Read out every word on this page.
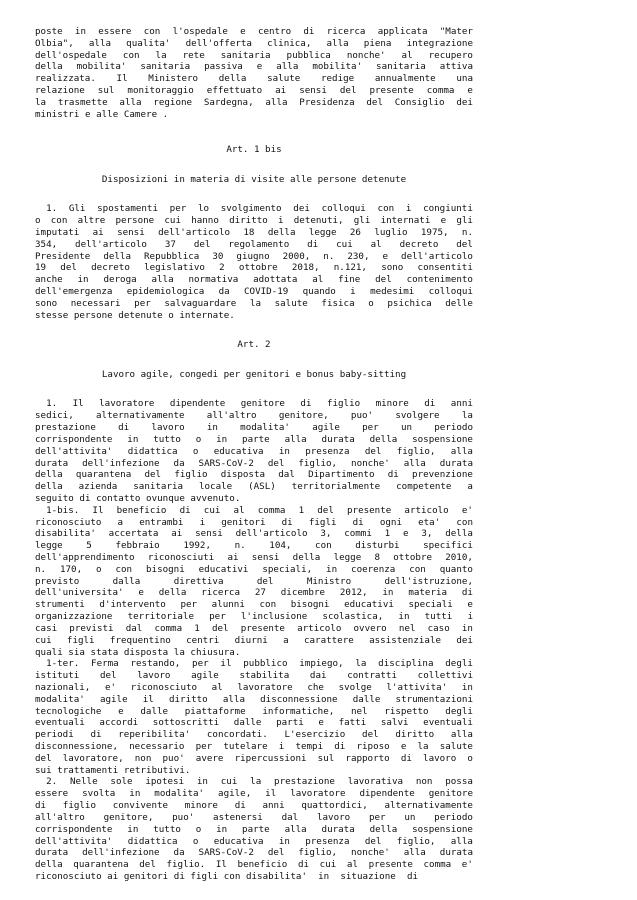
poste in essere con l'ospedale e centro di ricerca applicata "Mater
Olbia", alla qualita' dell'offerta clinica, alla piena integrazione
dell'ospedale con la rete sanitaria pubblica nonche' al recupero
della mobilita' sanitaria passiva e alla mobilita' sanitaria attiva
realizzata. Il Ministero della salute redige annualmente una
relazione sul monitoraggio effettuato ai sensi del presente comma e
la trasmette alla regione Sardegna, alla Presidenza del Consiglio dei
ministri e alle Camere .
Art. 1 bis
Disposizioni in materia di visite alle persone detenute
1. Gli spostamenti per lo svolgimento dei colloqui con i congiunti
o con altre persone cui hanno diritto i detenuti, gli internati e gli
imputati ai sensi dell'articolo 18 della legge 26 luglio 1975, n.
354, dell'articolo 37 del regolamento di cui al decreto del
Presidente della Repubblica 30 giugno 2000, n. 230, e dell'articolo
19 del decreto legislativo 2 ottobre 2018, n.121, sono consentiti
anche in deroga alla normativa adottata al fine del contenimento
dell'emergenza epidemiologica da COVID-19 quando i medesimi colloqui
sono necessari per salvaguardare la salute fisica o psichica delle
stesse persone detenute o internate.
Art. 2
Lavoro agile, congedi per genitori e bonus baby-sitting
1. Il lavoratore dipendente genitore di figlio minore di anni
sedici, alternativamente all'altro genitore, puo' svolgere la
prestazione di lavoro in modalita' agile per un periodo
corrispondente in tutto o in parte alla durata della sospensione
dell'attivita' didattica o educativa in presenza del figlio, alla
durata dell'infezione da SARS-CoV-2 del figlio, nonche' alla durata
della quarantena del figlio disposta dal Dipartimento di prevenzione
della azienda sanitaria locale (ASL) territorialmente competente a
seguito di contatto ovunque avvenuto.
1-bis. Il beneficio di cui al comma 1 del presente articolo e'
riconosciuto a entrambi i genitori di figli di ogni eta' con
disabilita' accertata ai sensi dell'articolo 3, commi 1 e 3, della
legge	5	febbraio	1992,	n.	104,	con	disturbi	specifici
dell'apprendimento riconosciuti ai sensi della legge 8 ottobre 2010,
n. 170, o con bisogni educativi speciali, in coerenza con quanto
previsto	dalla	direttiva	del	Ministro	dell'istruzione,
dell'universita' e della ricerca 27 dicembre 2012, in materia di
strumenti d'intervento per alunni con bisogni educativi speciali e
organizzazione territoriale per l'inclusione scolastica, in tutti i
casi previsti dal comma 1 del presente articolo ovvero nel caso in
cui figli frequentino centri diurni a carattere assistenziale dei
quali sia stata disposta la chiusura.
1-ter. Ferma restando, per il pubblico impiego, la disciplina degli
istituti del lavoro agile stabilita dai contratti collettivi
nazionali, e' riconosciuto al lavoratore che svolge l'attivita' in
modalita' agile il diritto alla disconnessione dalle strumentazioni
tecnologiche e dalle piattaforme informatiche, nel rispetto degli
eventuali accordi sottoscritti dalle parti e fatti salvi eventuali
periodi di reperibilita' concordati. L'esercizio del diritto alla
disconnessione, necessario per tutelare i tempi di riposo e la salute
del lavoratore, non puo' avere ripercussioni sul rapporto di lavoro o
sui trattamenti retributivi.
2. Nelle sole ipotesi in cui la prestazione lavorativa non possa
essere svolta in modalita' agile, il lavoratore dipendente genitore
di figlio convivente minore di anni quattordici, alternativamente
all'altro genitore, puo' astenersi dal lavoro per un periodo
corrispondente in tutto o in parte alla durata della sospensione
dell'attivita' didattica o educativa in presenza del figlio, alla
durata dell'infezione da SARS-CoV-2 del figlio, nonche' alla durata
della quarantena del figlio. Il beneficio di cui al presente comma e'
riconosciuto ai genitori di figli con disabilita'  in  situazione  di
